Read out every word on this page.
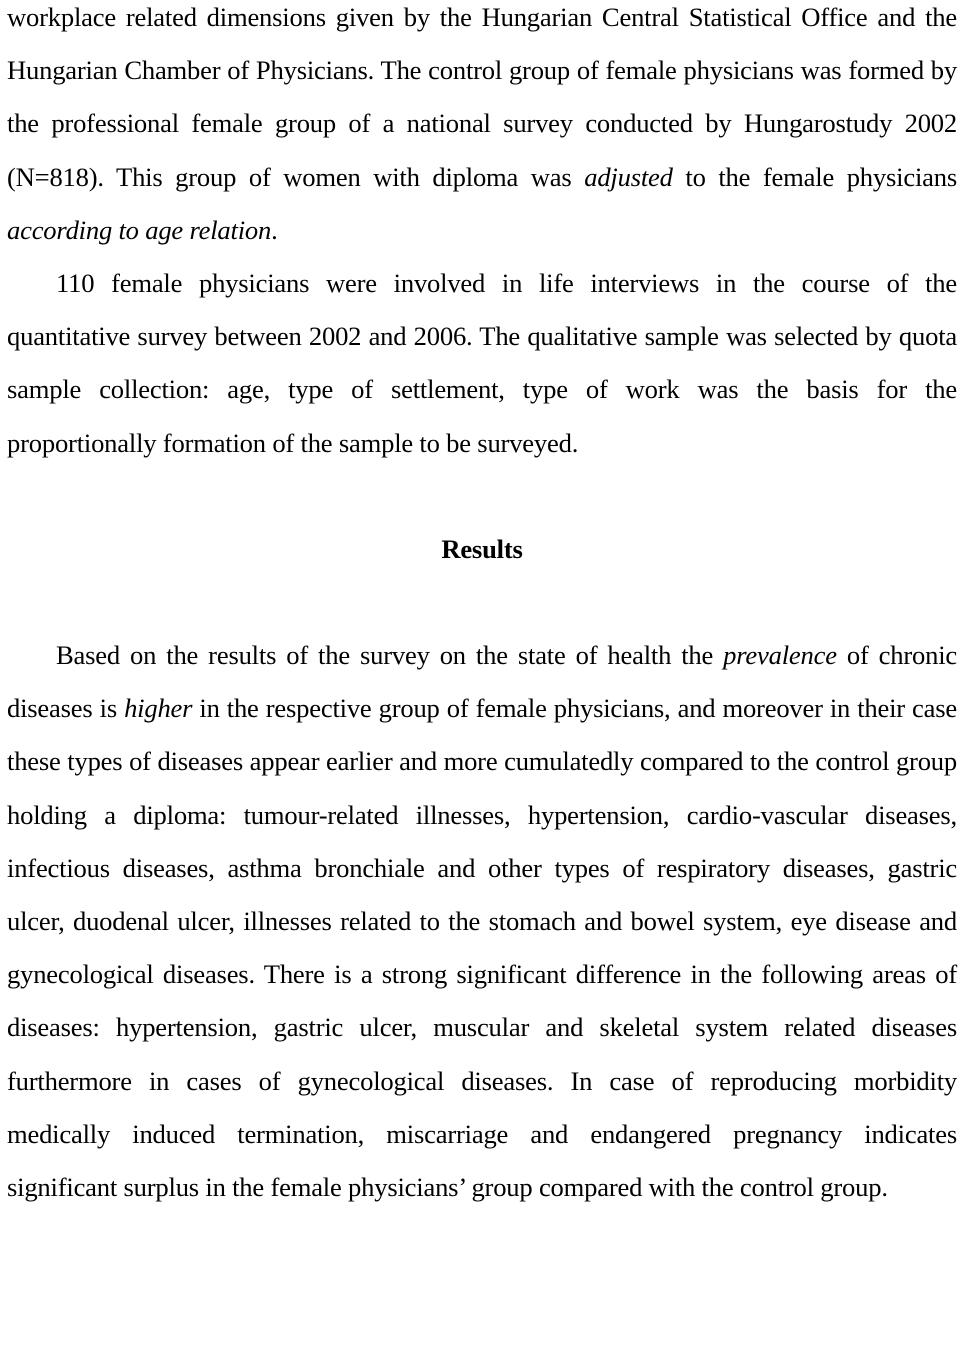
workplace related dimensions given by the Hungarian Central Statistical Office and the Hungarian Chamber of Physicians. The control group of female physicians was formed by the professional female group of a national survey conducted by Hungarostudy 2002 (N=818). This group of women with diploma was adjusted to the female physicians according to age relation.

110 female physicians were involved in life interviews in the course of the quantitative survey between 2002 and 2006. The qualitative sample was selected by quota sample collection: age, type of settlement, type of work was the basis for the proportionally formation of the sample to be surveyed.

Results

Based on the results of the survey on the state of health the prevalence of chronic diseases is higher in the respective group of female physicians, and moreover in their case these types of diseases appear earlier and more cumulatedly compared to the control group holding a diploma: tumour-related illnesses, hypertension, cardio-vascular diseases, infectious diseases, asthma bronchiale and other types of respiratory diseases, gastric ulcer, duodenal ulcer, illnesses related to the stomach and bowel system, eye disease and gynecological diseases. There is a strong significant difference in the following areas of diseases: hypertension, gastric ulcer, muscular and skeletal system related diseases furthermore in cases of gynecological diseases. In case of reproducing morbidity medically induced termination, miscarriage and endangered pregnancy indicates significant surplus in the female physicians’ group compared with the control group.
